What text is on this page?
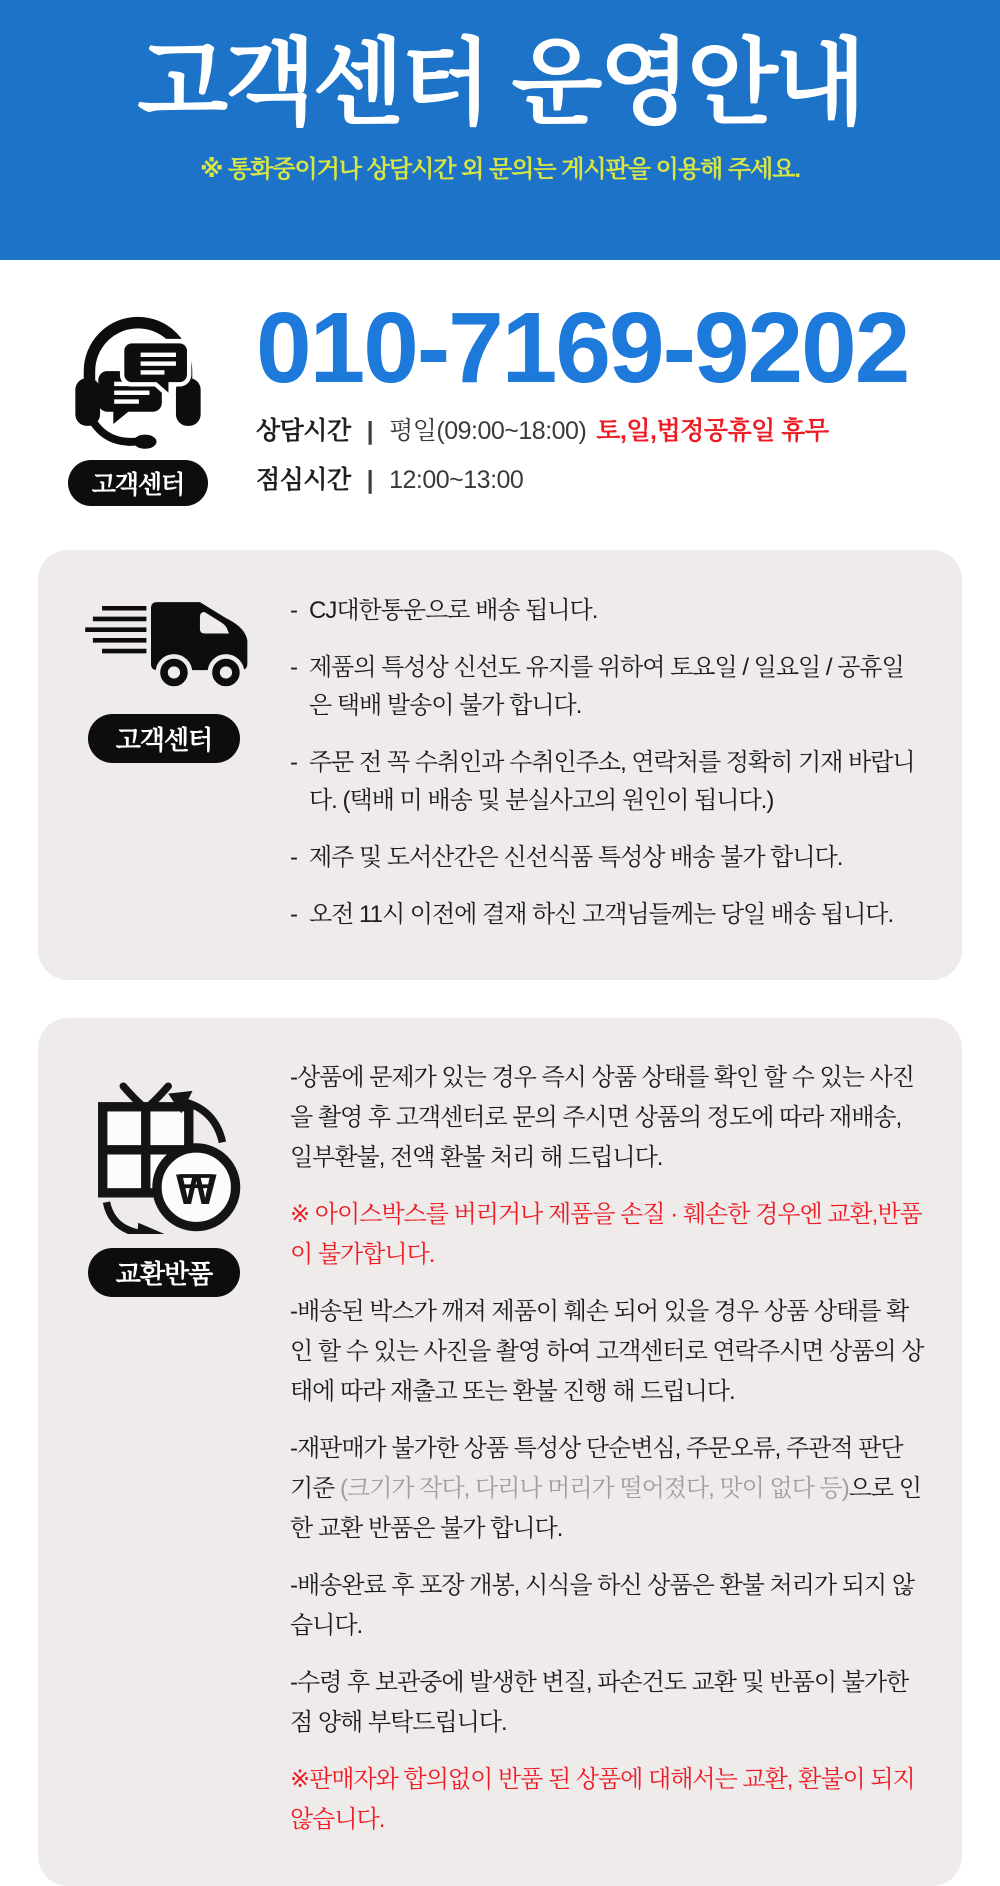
고객센터 운영안내

※ 통화중이거나 상담시간 외 문의는 게시판을 이용해 주세요.

고객센터
010-7169-9202
상담시간 | 평일(09:00~18:00) 토,일,법정공휴일 휴무
점심시간 | 12:00~13:00
고객센터
- CJ대한통운으로 배송 됩니다.
- 제품의 특성상 신선도 유지를 위하여 토요일 / 일요일 / 공휴일은 택배 발송이 불가 합니다.
- 주문 전 꼭 수취인과 수취인주소, 연락처를 정확히 기재 바랍니다. (택배 미 배송 및 분실사고의 원인이 됩니다.)
- 제주 및 도서산간은 신선식품 특성상 배송 불가 합니다.
- 오전 11시 이전에 결재 하신 고객님들께는 당일 배송 됩니다.
W
교환반품

-상품에 문제가 있는 경우 즉시 상품 상태를 확인 할 수 있는 사진을 촬영 후 고객센터로 문의 주시면 상품의 정도에 따라 재배송, 일부환불, 전액 환불 처리 해 드립니다.

※ 아이스박스를 버리거나 제품을 손질 · 훼손한 경우엔 교환,반품이 불가합니다.

-배송된 박스가 깨져 제품이 훼손 되어 있을 경우 상품 상태를 확인 할 수 있는 사진을 촬영 하여 고객센터로 연락주시면 상품의 상태에 따라 재출고 또는 환불 진행 해 드립니다.

-재판매가 불가한 상품 특성상 단순변심, 주문오류, 주관적 판단 기준 (크기가 작다, 다리나 머리가 떨어졌다, 맛이 없다 등)으로 인한 교환 반품은 불가 합니다.

-배송완료 후 포장 개봉, 시식을 하신 상품은 환불 처리가 되지 않습니다.

-수령 후 보관중에 발생한 변질, 파손건도 교환 및 반품이 불가한점 양해 부탁드립니다.

※판매자와 합의없이 반품 된 상품에 대해서는 교환, 환불이 되지 않습니다.
